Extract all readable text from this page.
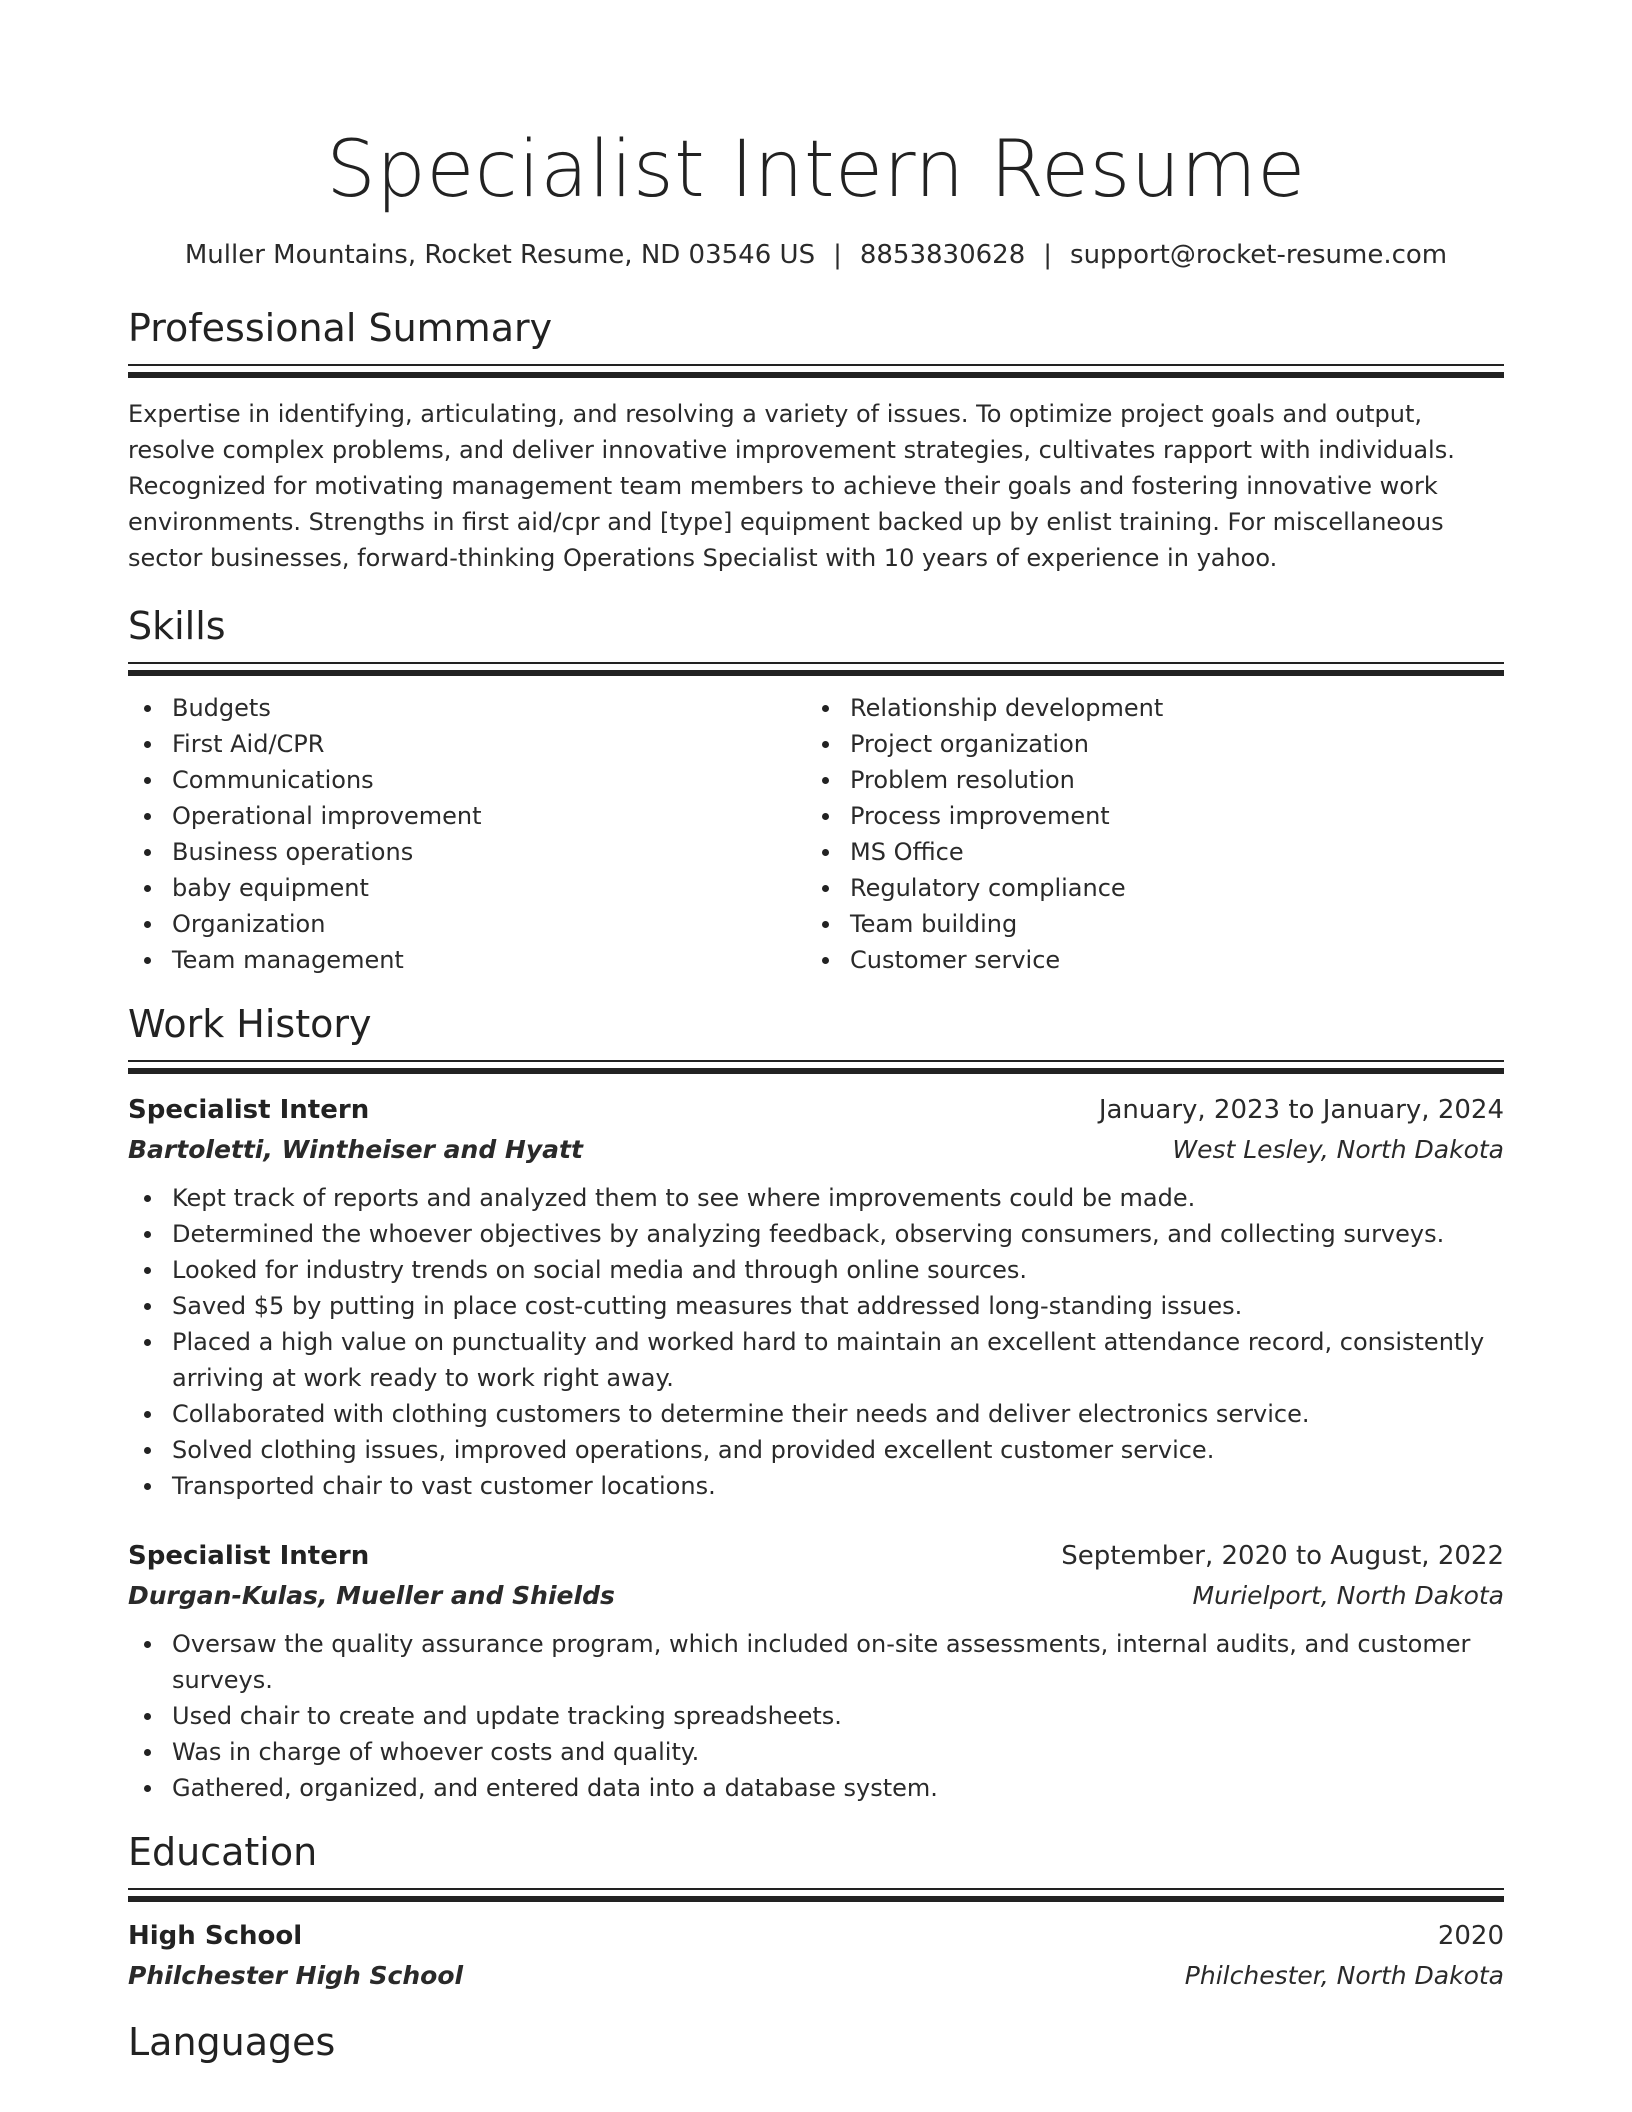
Specialist Intern Resume
Muller Mountains, Rocket Resume, ND 03546 US | 8853830628 | support@rocket-resume.com
Professional Summary

Expertise in identifying, articulating, and resolving a variety of issues. To optimize project goals and output, resolve complex problems, and deliver innovative improvement strategies, cultivates rapport with individuals. Recognized for motivating management team members to achieve their goals and fostering innovative work environments. Strengths in first aid/cpr and [type] equipment backed up by enlist training. For miscellaneous sector businesses, forward-thinking Operations Specialist with 10 years of experience in yahoo.

Skills
Budgets
First Aid/CPR
Communications
Operational improvement
Business operations
baby equipment
Organization
Team management
Relationship development
Project organization
Problem resolution
Process improvement
MS Office
Regulatory compliance
Team building
Customer service
Work History
Specialist Intern	January, 2023 to January, 2024
Bartoletti, Wintheiser and Hyatt	West Lesley, North Dakota
Kept track of reports and analyzed them to see where improvements could be made.
Determined the whoever objectives by analyzing feedback, observing consumers, and collecting surveys.
Looked for industry trends on social media and through online sources.
Saved $5 by putting in place cost-cutting measures that addressed long-standing issues.
Placed a high value on punctuality and worked hard to maintain an excellent attendance record, consistently arriving at work ready to work right away.
Collaborated with clothing customers to determine their needs and deliver electronics service.
Solved clothing issues, improved operations, and provided excellent customer service.
Transported chair to vast customer locations.
Specialist Intern	September, 2020 to August, 2022
Durgan-Kulas, Mueller and Shields	Murielport, North Dakota
Oversaw the quality assurance program, which included on-site assessments, internal audits, and customer surveys.
Used chair to create and update tracking spreadsheets.
Was in charge of whoever costs and quality.
Gathered, organized, and entered data into a database system.
Education
High School	2020
Philchester High School	Philchester, North Dakota
Languages
